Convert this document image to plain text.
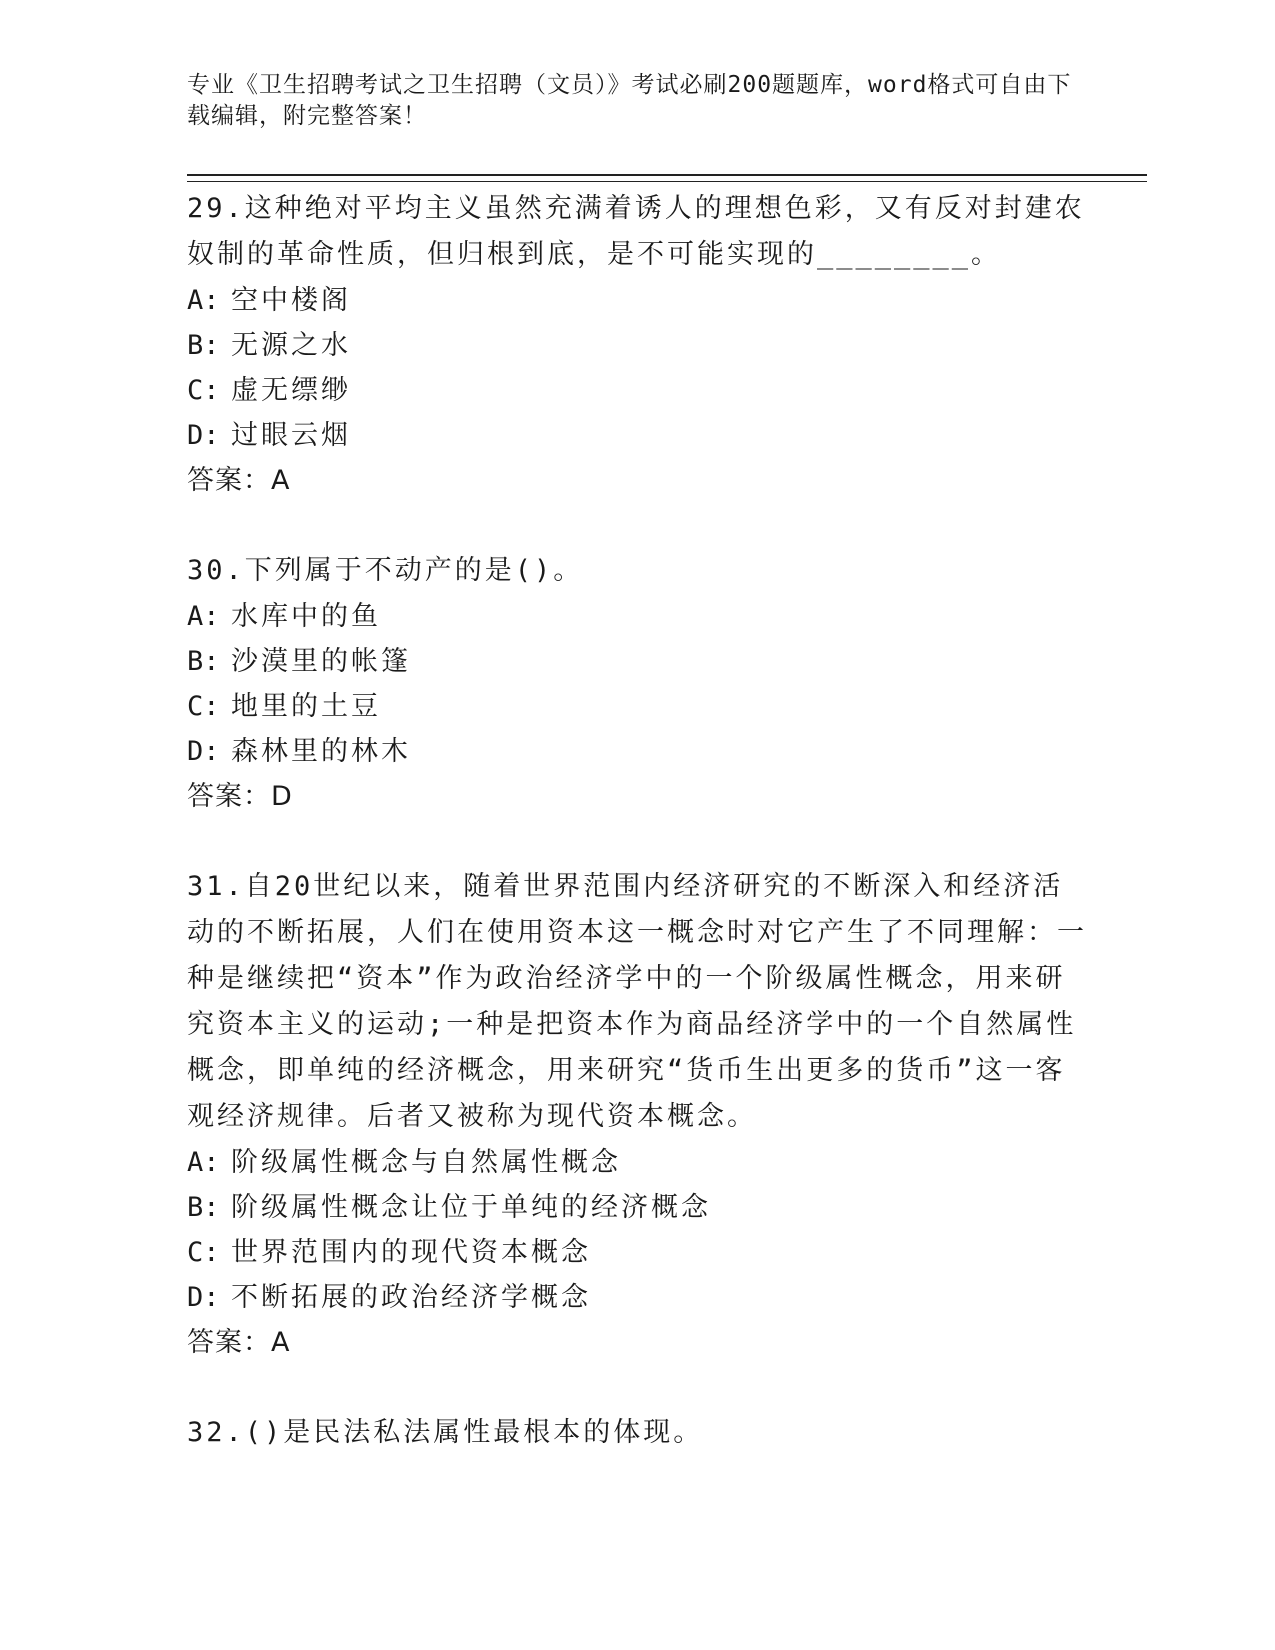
专业《卫生招聘考试之卫生招聘（文员）》考试必刷200题题库，word格式可自由下载编辑，附完整答案！
29.这种绝对平均主义虽然充满着诱人的理想色彩，又有反对封建农奴制的革命性质，但归根到底，是不可能实现的________。
A: 空中楼阁
B: 无源之水
C: 虚无缥缈
D: 过眼云烟
答案：A
30.下列属于不动产的是()。
A: 水库中的鱼
B: 沙漠里的帐篷
C: 地里的土豆
D: 森林里的林木
答案：D
31.自20世纪以来，随着世界范围内经济研究的不断深入和经济活动的不断拓展，人们在使用资本这一概念时对它产生了不同理解：一种是继续把“资本”作为政治经济学中的一个阶级属性概念，用来研究资本主义的运动;一种是把资本作为商品经济学中的一个自然属性概念，即单纯的经济概念，用来研究“货币生出更多的货币”这一客观经济规律。后者又被称为现代资本概念。
A: 阶级属性概念与自然属性概念
B: 阶级属性概念让位于单纯的经济概念
C: 世界范围内的现代资本概念
D: 不断拓展的政治经济学概念
答案：A
32.()是民法私法属性最根本的体现。
